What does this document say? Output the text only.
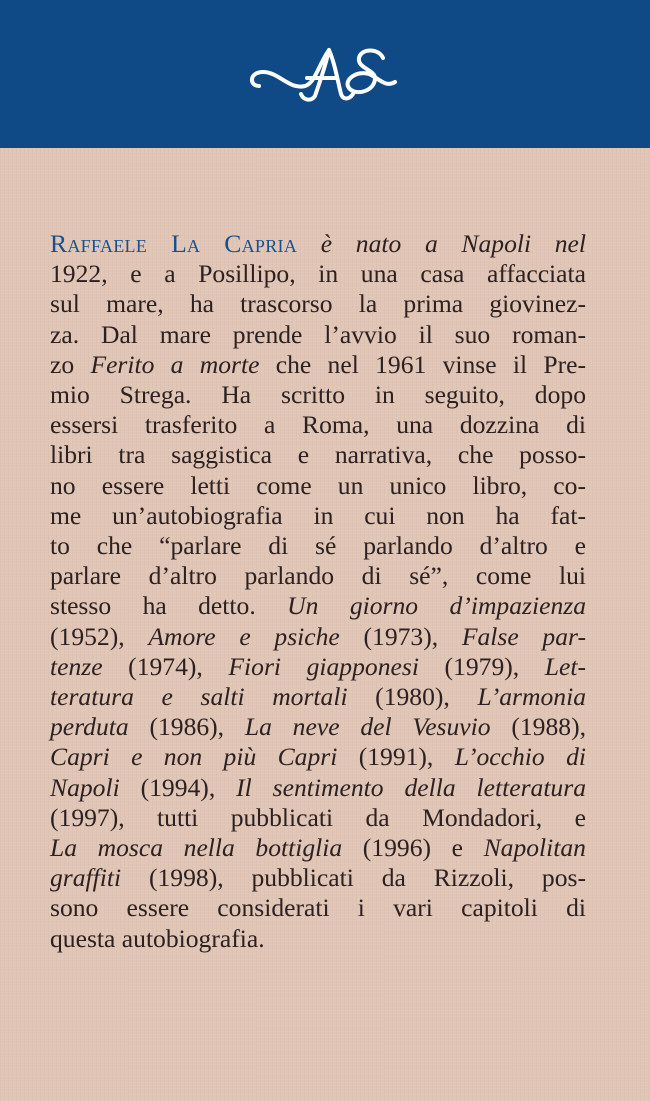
Raffaele La Capria è nato a Napoli nel
1922, e a Posillipo, in una casa affacciata
sul mare, ha trascorso la prima giovinez-
za. Dal mare prende l’avvio il suo roman-
zo Ferito a morte che nel 1961 vinse il Pre-
mio Strega. Ha scritto in seguito, dopo
essersi trasferito a Roma, una dozzina di
libri tra saggistica e narrativa, che posso-
no essere letti come un unico libro, co-
me un’autobiografia in cui non ha fat-
to che “parlare di sé parlando d’altro e
parlare d’altro parlando di sé”, come lui
stesso ha detto. Un giorno d’impazienza
(1952), Amore e psiche (1973), False par-
tenze (1974), Fiori giapponesi (1979), Let-
teratura e salti mortali (1980), L’armonia
perduta (1986), La neve del Vesuvio (1988),
Capri e non più Capri (1991), L’occhio di
Napoli (1994), Il sentimento della letteratura
(1997), tutti pubblicati da Mondadori, e
La mosca nella bottiglia (1996) e Napolitan
graffiti (1998), pubblicati da Rizzoli, pos-
sono essere considerati i vari capitoli di
questa autobiografia.
